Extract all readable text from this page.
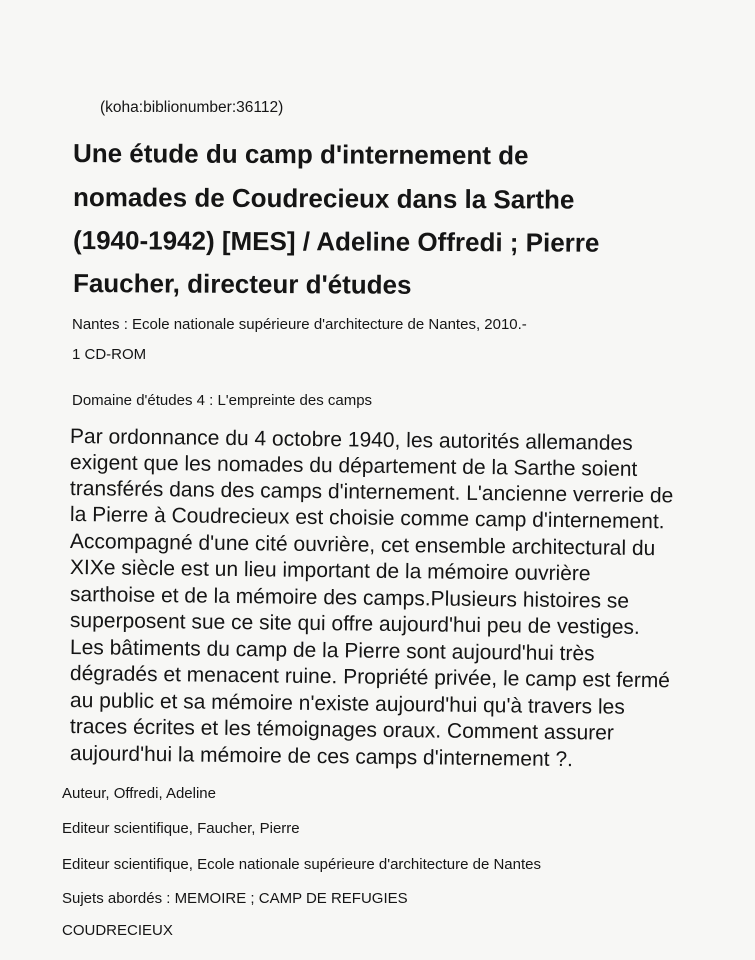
(koha:biblionumber:36112)
Une étude du camp d'internement de
nomades de Coudrecieux dans la Sarthe
(1940-1942) [MES] / Adeline Offredi ; Pierre
Faucher, directeur d'études
Nantes : Ecole nationale supérieure d'architecture de Nantes, 2010.-
1 CD-ROM
Domaine d'études 4 : L'empreinte des camps
Par ordonnance du 4 octobre 1940, les autorités allemandes
exigent que les nomades du département de la Sarthe soient
transférés dans des camps d'internement. L'ancienne verrerie de
la Pierre à Coudrecieux est choisie comme camp d'internement.
Accompagné d'une cité ouvrière, cet ensemble architectural du
XIXe siècle est un lieu important de la mémoire ouvrière
sarthoise et de la mémoire des camps.Plusieurs histoires se
superposent sue ce site qui offre aujourd'hui peu de vestiges.
Les bâtiments du camp de la Pierre sont aujourd'hui très
dégradés et menacent ruine. Propriété privée, le camp est fermé
au public et sa mémoire n'existe aujourd'hui qu'à travers les
traces écrites et les témoignages oraux. Comment assurer
aujourd'hui la mémoire de ces camps d'internement ?.
Auteur, Offredi, Adeline
Editeur scientifique, Faucher, Pierre
Editeur scientifique, Ecole nationale supérieure d'architecture de Nantes
Sujets abordés : MEMOIRE ; CAMP DE REFUGIES
COUDRECIEUX
